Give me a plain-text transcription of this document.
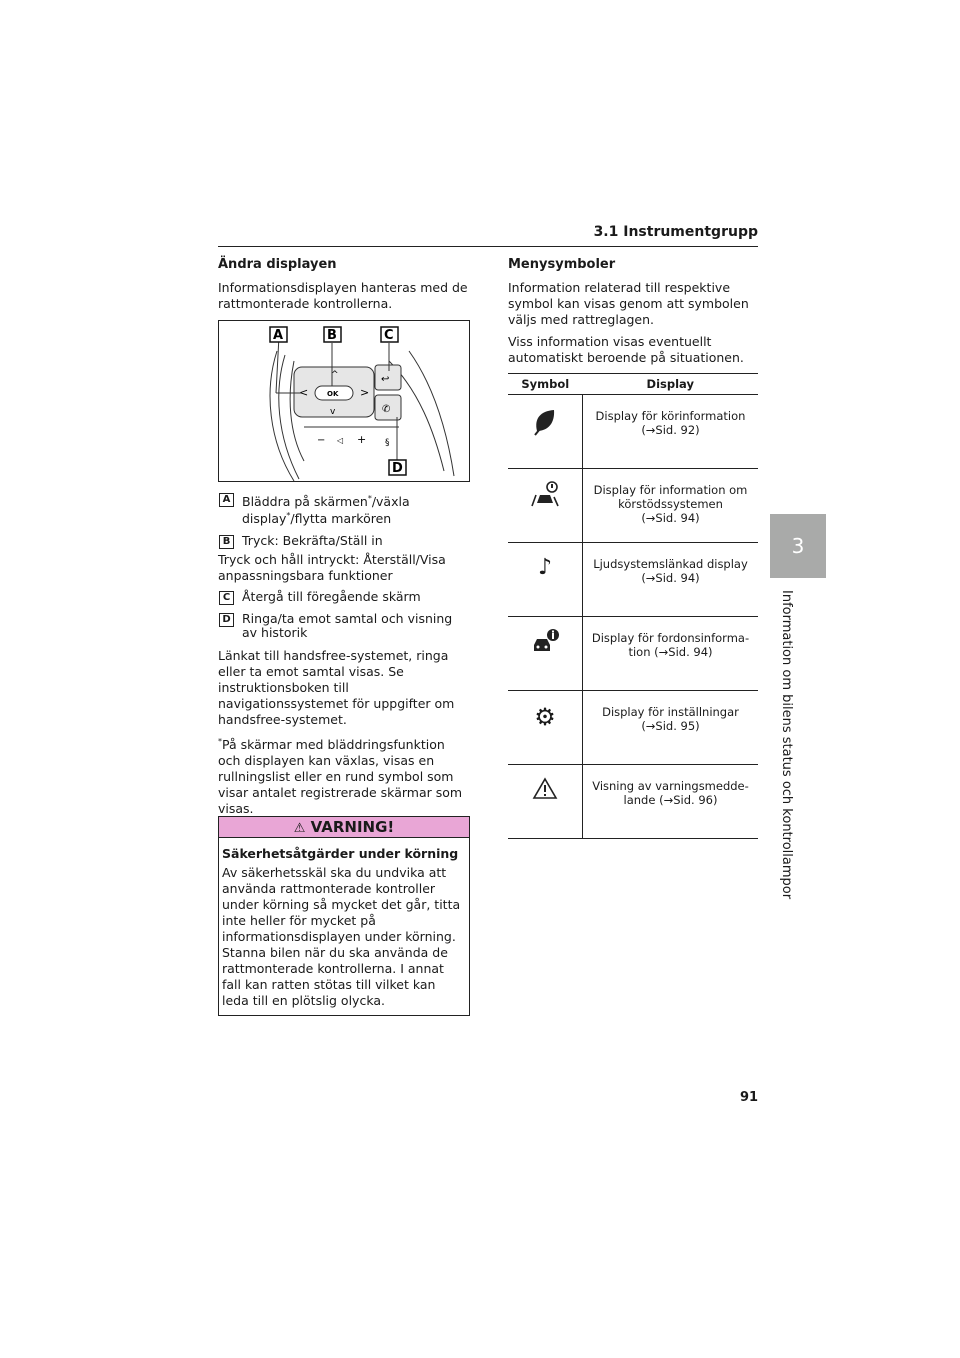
3.1 Instrumentgrupp
3
Information om bilens status och kontrollampor
Ändra displayen

Informationsdisplayen hanteras med de rattmonterade kontrollerna.

− ◁ + §
^
v
<	>
OK
↩
✆
A	B	C
D
A Bläddra på skärmen*/växla display*/flytta markören
B Tryck: Bekräfta/Ställ in
Tryck och håll intryckt: Återställ/Visa anpassningsbara funktioner
C Återgå till föregående skärm
D Ringa/ta emot samtal och visning av historik
Länkat till handsfree-systemet, ringa eller ta emot samtal visas. Se instruktionsboken till navigationssystemet för uppgifter om handsfree-systemet.
*På skärmar med bläddringsfunktion och displayen kan växlas, visas en rullningslist eller en rund symbol som visar antalet registrerade skärmar som visas.
⚠ VARNING!
Säkerhetsåtgärder under körning

Av säkerhetsskäl ska du undvika att använda rattmonterade kontroller under körning så mycket det går, titta inte heller för mycket på informationsdisplayen under körning. Stanna bilen när du ska använda de rattmonterade kontrollerna. I annat fall kan ratten stötas till vilket kan leda till en plötslig olycka.

Menysymboler

Information relaterad till respektive symbol kan visas genom att symbolen väljs med rattreglagen.

Viss information visas eventuellt automatiskt beroende på situationen.

Symbol	Display
	Display för körinformation
(→Sid. 92)
	Display för information om
körstödssystemen
(→Sid. 94)
♪	Ljudsystemslänkad display
(→Sid. 94)
	Display för fordonsinforma-
tion (→Sid. 94)
⚙	Display för inställningar
(→Sid. 95)
	Visning av varningsmedde-
lande (→Sid. 96)
91
